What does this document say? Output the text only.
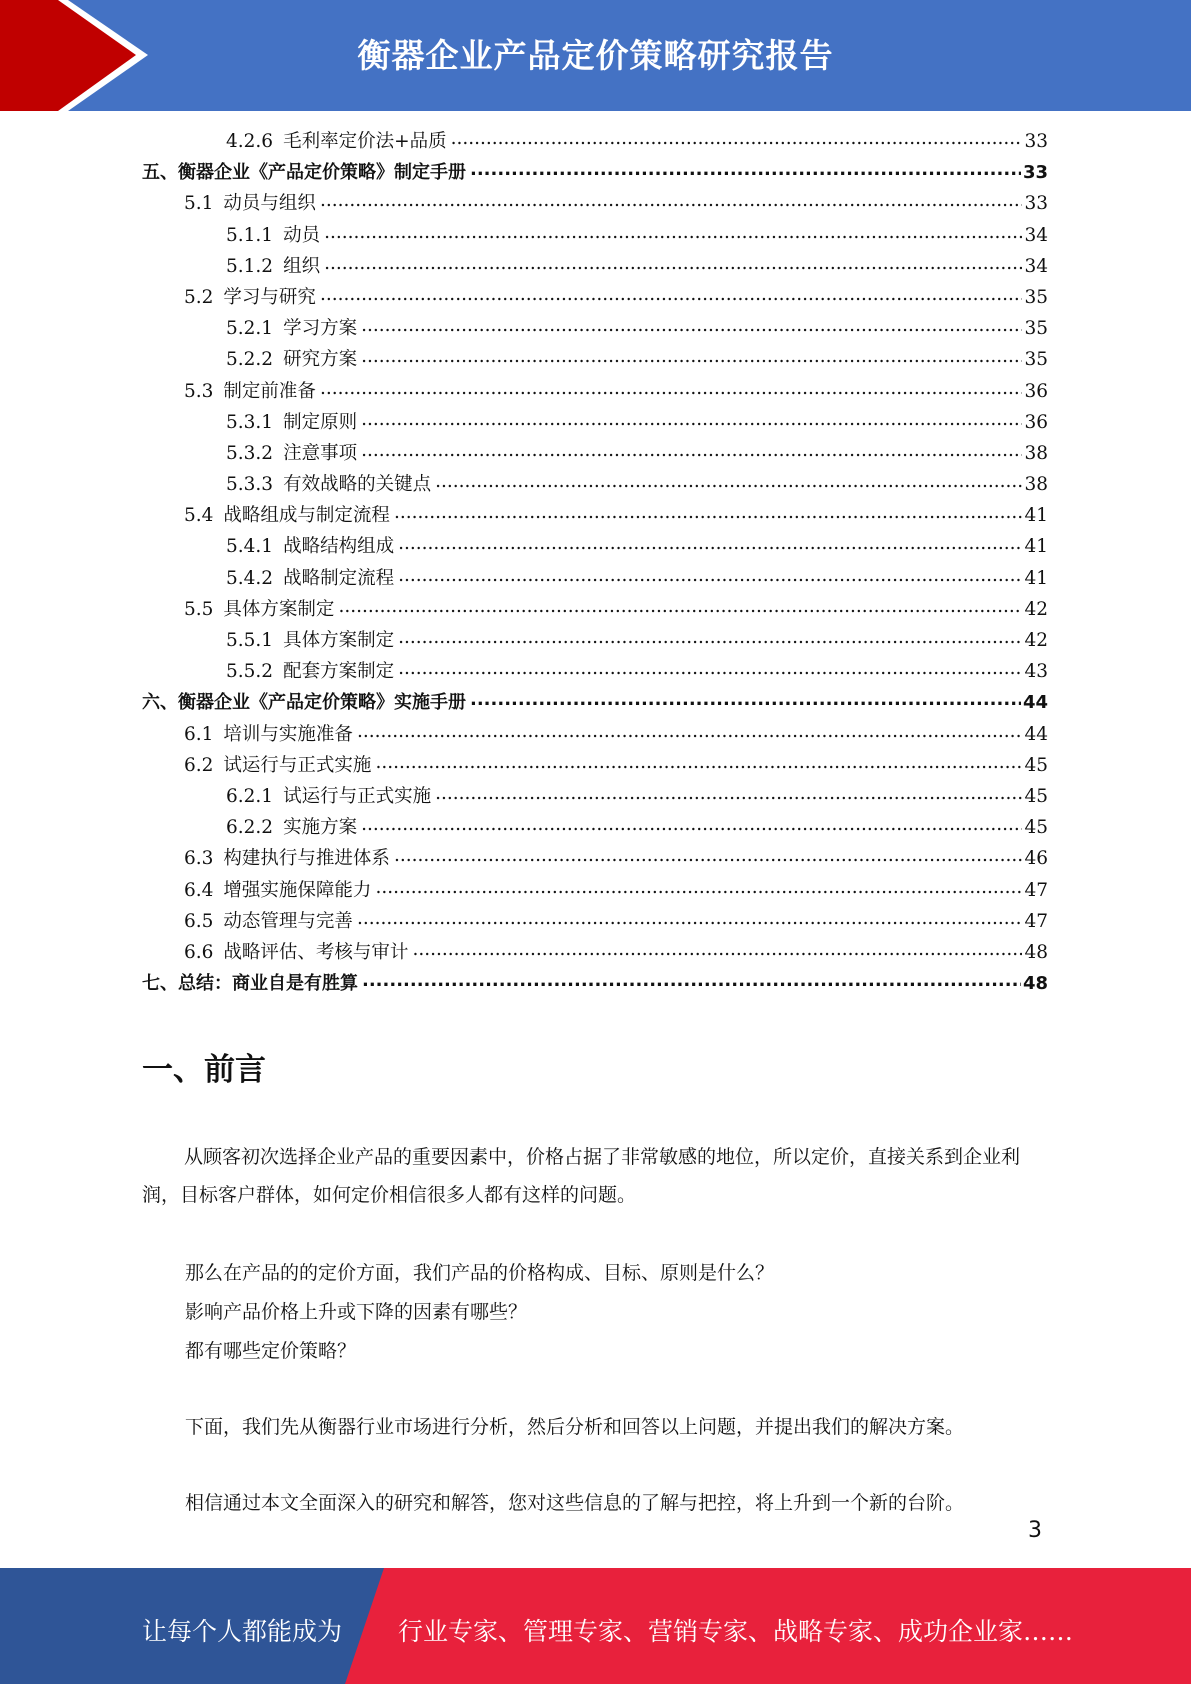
衡器企业产品定价策略研究报告
4.2.6 毛利率定价法+品质 .....	33
五、衡器企业《产品定价策略》制定手册 .....	33
5.1 动员与组织 .....	33
5.1.1 动员 .....	34
5.1.2 组织 .....	34
5.2 学习与研究 .....	35
5.2.1 学习方案 .....	35
5.2.2 研究方案 .....	35
5.3 制定前准备 .....	36
5.3.1 制定原则 .....	36
5.3.2 注意事项 .....	38
5.3.3 有效战略的关键点 .....	38
5.4 战略组成与制定流程 .....	41
5.4.1 战略结构组成 .....	41
5.4.2 战略制定流程 .....	41
5.5 具体方案制定 .....	42
5.5.1 具体方案制定 .....	42
5.5.2 配套方案制定 .....	43
六、衡器企业《产品定价策略》实施手册 .....	44
6.1 培训与实施准备 .....	44
6.2 试运行与正式实施 .....	45
6.2.1 试运行与正式实施 .....	45
6.2.2 实施方案 .....	45
6.3 构建执行与推进体系 .....	46
6.4 增强实施保障能力 .....	47
6.5 动态管理与完善 .....	47
6.6 战略评估、考核与审计 .....	48
七、总结：商业自是有胜算 .....	48
一、前言
从顾客初次选择企业产品的重要因素中，价格占据了非常敏感的地位，所以定价，直接关系到企业利润，目标客户群体，如何定价相信很多人都有这样的问题。
那么在产品的的定价方面，我们产品的价格构成、目标、原则是什么？
影响产品价格上升或下降的因素有哪些？
都有哪些定价策略？
下面，我们先从衡器行业市场进行分析，然后分析和回答以上问题，并提出我们的解决方案。
相信通过本文全面深入的研究和解答，您对这些信息的了解与把控，将上升到一个新的台阶。
3
让每个人都能成为 行业专家、管理专家、营销专家、战略专家、成功企业家……
